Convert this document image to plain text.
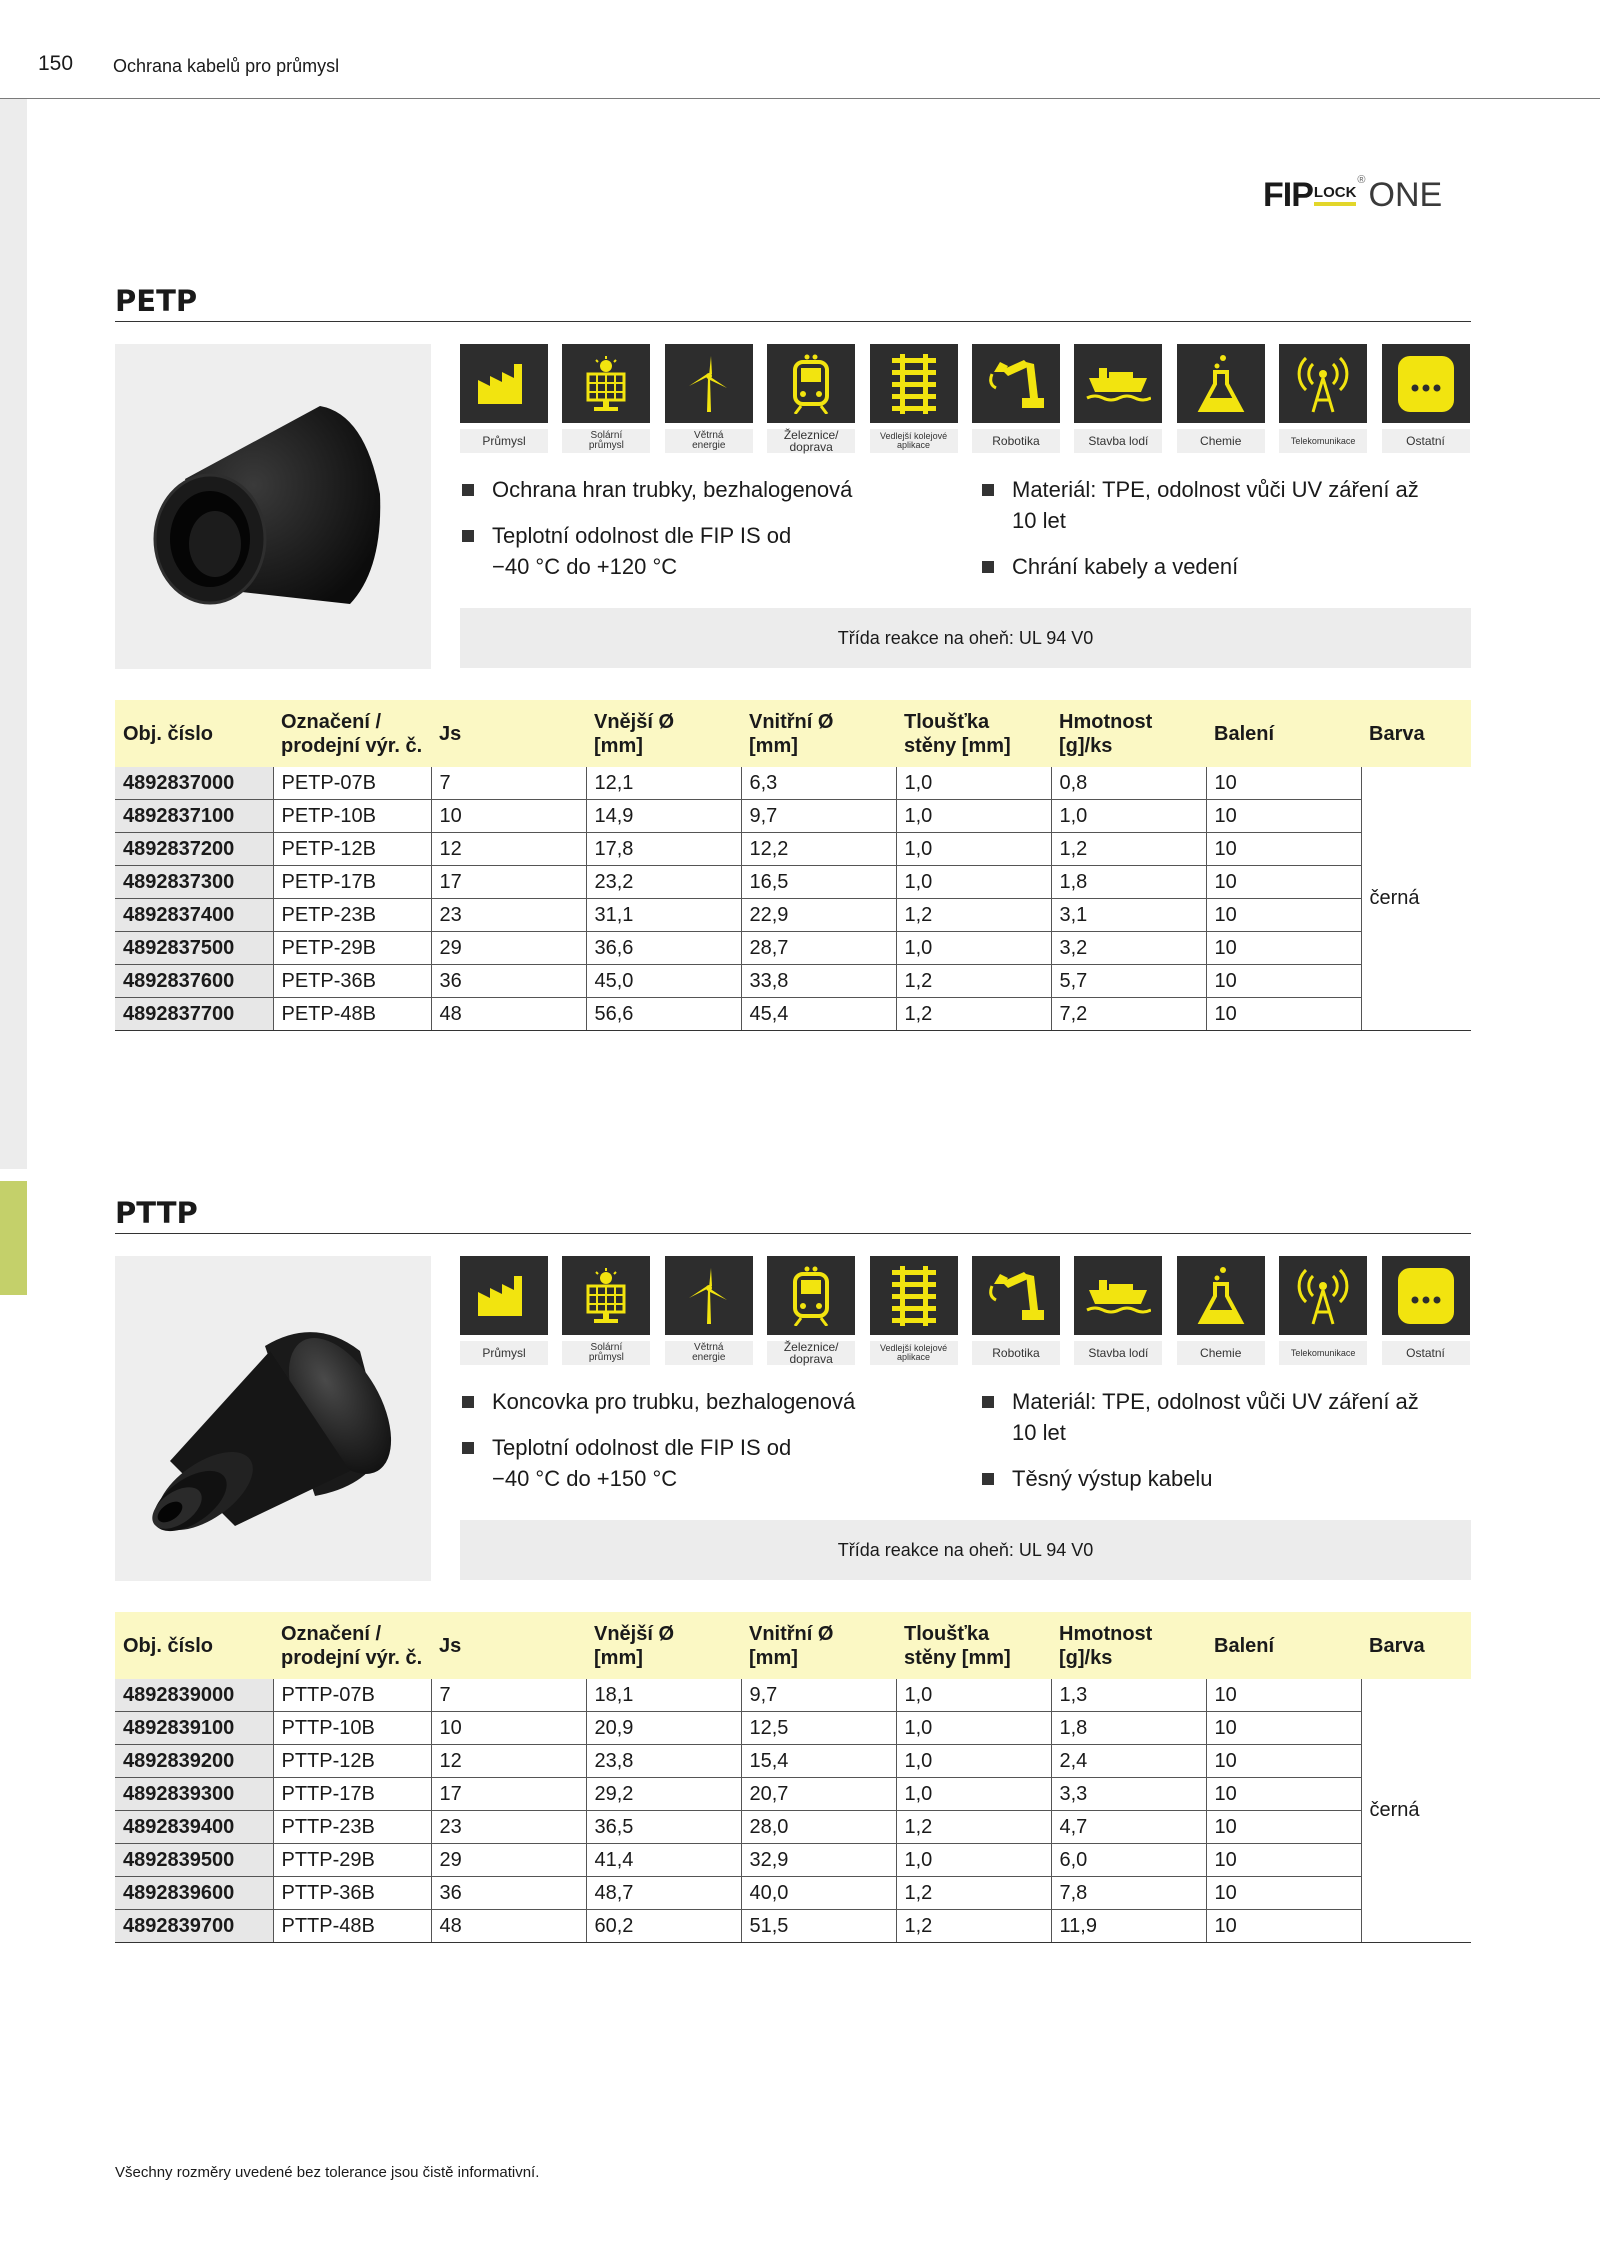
150 Ochrana kabelů pro průmysl
FIP LOCK
® ONE
PETP
Průmysl	Solární
průmysl
Větrná
energie
Železnice/
doprava
Vedlejší kolejové
aplikace	Robotika	Stavba lodí	Chemie	Telekomunikace	Ostatní
Ochrana hran trubky, bezhalogenová
Teplotní odolnost dle FIP IS od
−40 °C do +120 °C
Materiál: TPE, odolnost vůči UV záření až
10 let
Chrání kabely a vedení
Třída reakce na oheň: UL 94 V0
Obj. číslo	Označení /
prodejní výr. č.	Js	Vnější Ø
[mm]	Vnitřní Ø
[mm]	Tloušťka
stěny [mm]	Hmotnost
[g]/ks	Balení	Barva
4892837000	PETP-07B	7	12,1	6,3	1,0	0,8	10	černá
4892837100	PETP-10B	10	14,9	9,7	1,0	1,0	10	
4892837200	PETP-12B	12	17,8	12,2	1,0	1,2	10	
4892837300	PETP-17B	17	23,2	16,5	1,0	1,8	10	
4892837400	PETP-23B	23	31,1	22,9	1,2	3,1	10	
4892837500	PETP-29B	29	36,6	28,7	1,0	3,2	10	
4892837600	PETP-36B	36	45,0	33,8	1,2	5,7	10	
4892837700	PETP-48B	48	56,6	45,4	1,2	7,2	10	
PTTP
Průmysl	Solární
průmysl
Větrná
energie
Železnice/
doprava
Vedlejší kolejové
aplikace	Robotika	Stavba lodí	Chemie	Telekomunikace	Ostatní
Koncovka pro trubku, bezhalogenová
Teplotní odolnost dle FIP IS od
−40 °C do +150 °C
Materiál: TPE, odolnost vůči UV záření až
10 let
Těsný výstup kabelu
Třída reakce na oheň: UL 94 V0
Obj. číslo	Označení /
prodejní výr. č.	Js	Vnější Ø
[mm]	Vnitřní Ø
[mm]	Tloušťka
stěny [mm]	Hmotnost
[g]/ks	Balení	Barva
4892839000	PTTP-07B	7	18,1	9,7	1,0	1,3	10	černá
4892839100	PTTP-10B	10	20,9	12,5	1,0	1,8	10	
4892839200	PTTP-12B	12	23,8	15,4	1,0	2,4	10	
4892839300	PTTP-17B	17	29,2	20,7	1,0	3,3	10	
4892839400	PTTP-23B	23	36,5	28,0	1,2	4,7	10	
4892839500	PTTP-29B	29	41,4	32,9	1,0	6,0	10	
4892839600	PTTP-36B	36	48,7	40,0	1,2	7,8	10	
4892839700	PTTP-48B	48	60,2	51,5	1,2	11,9	10	
Všechny rozměry uvedené bez tolerance jsou čistě informativní.
